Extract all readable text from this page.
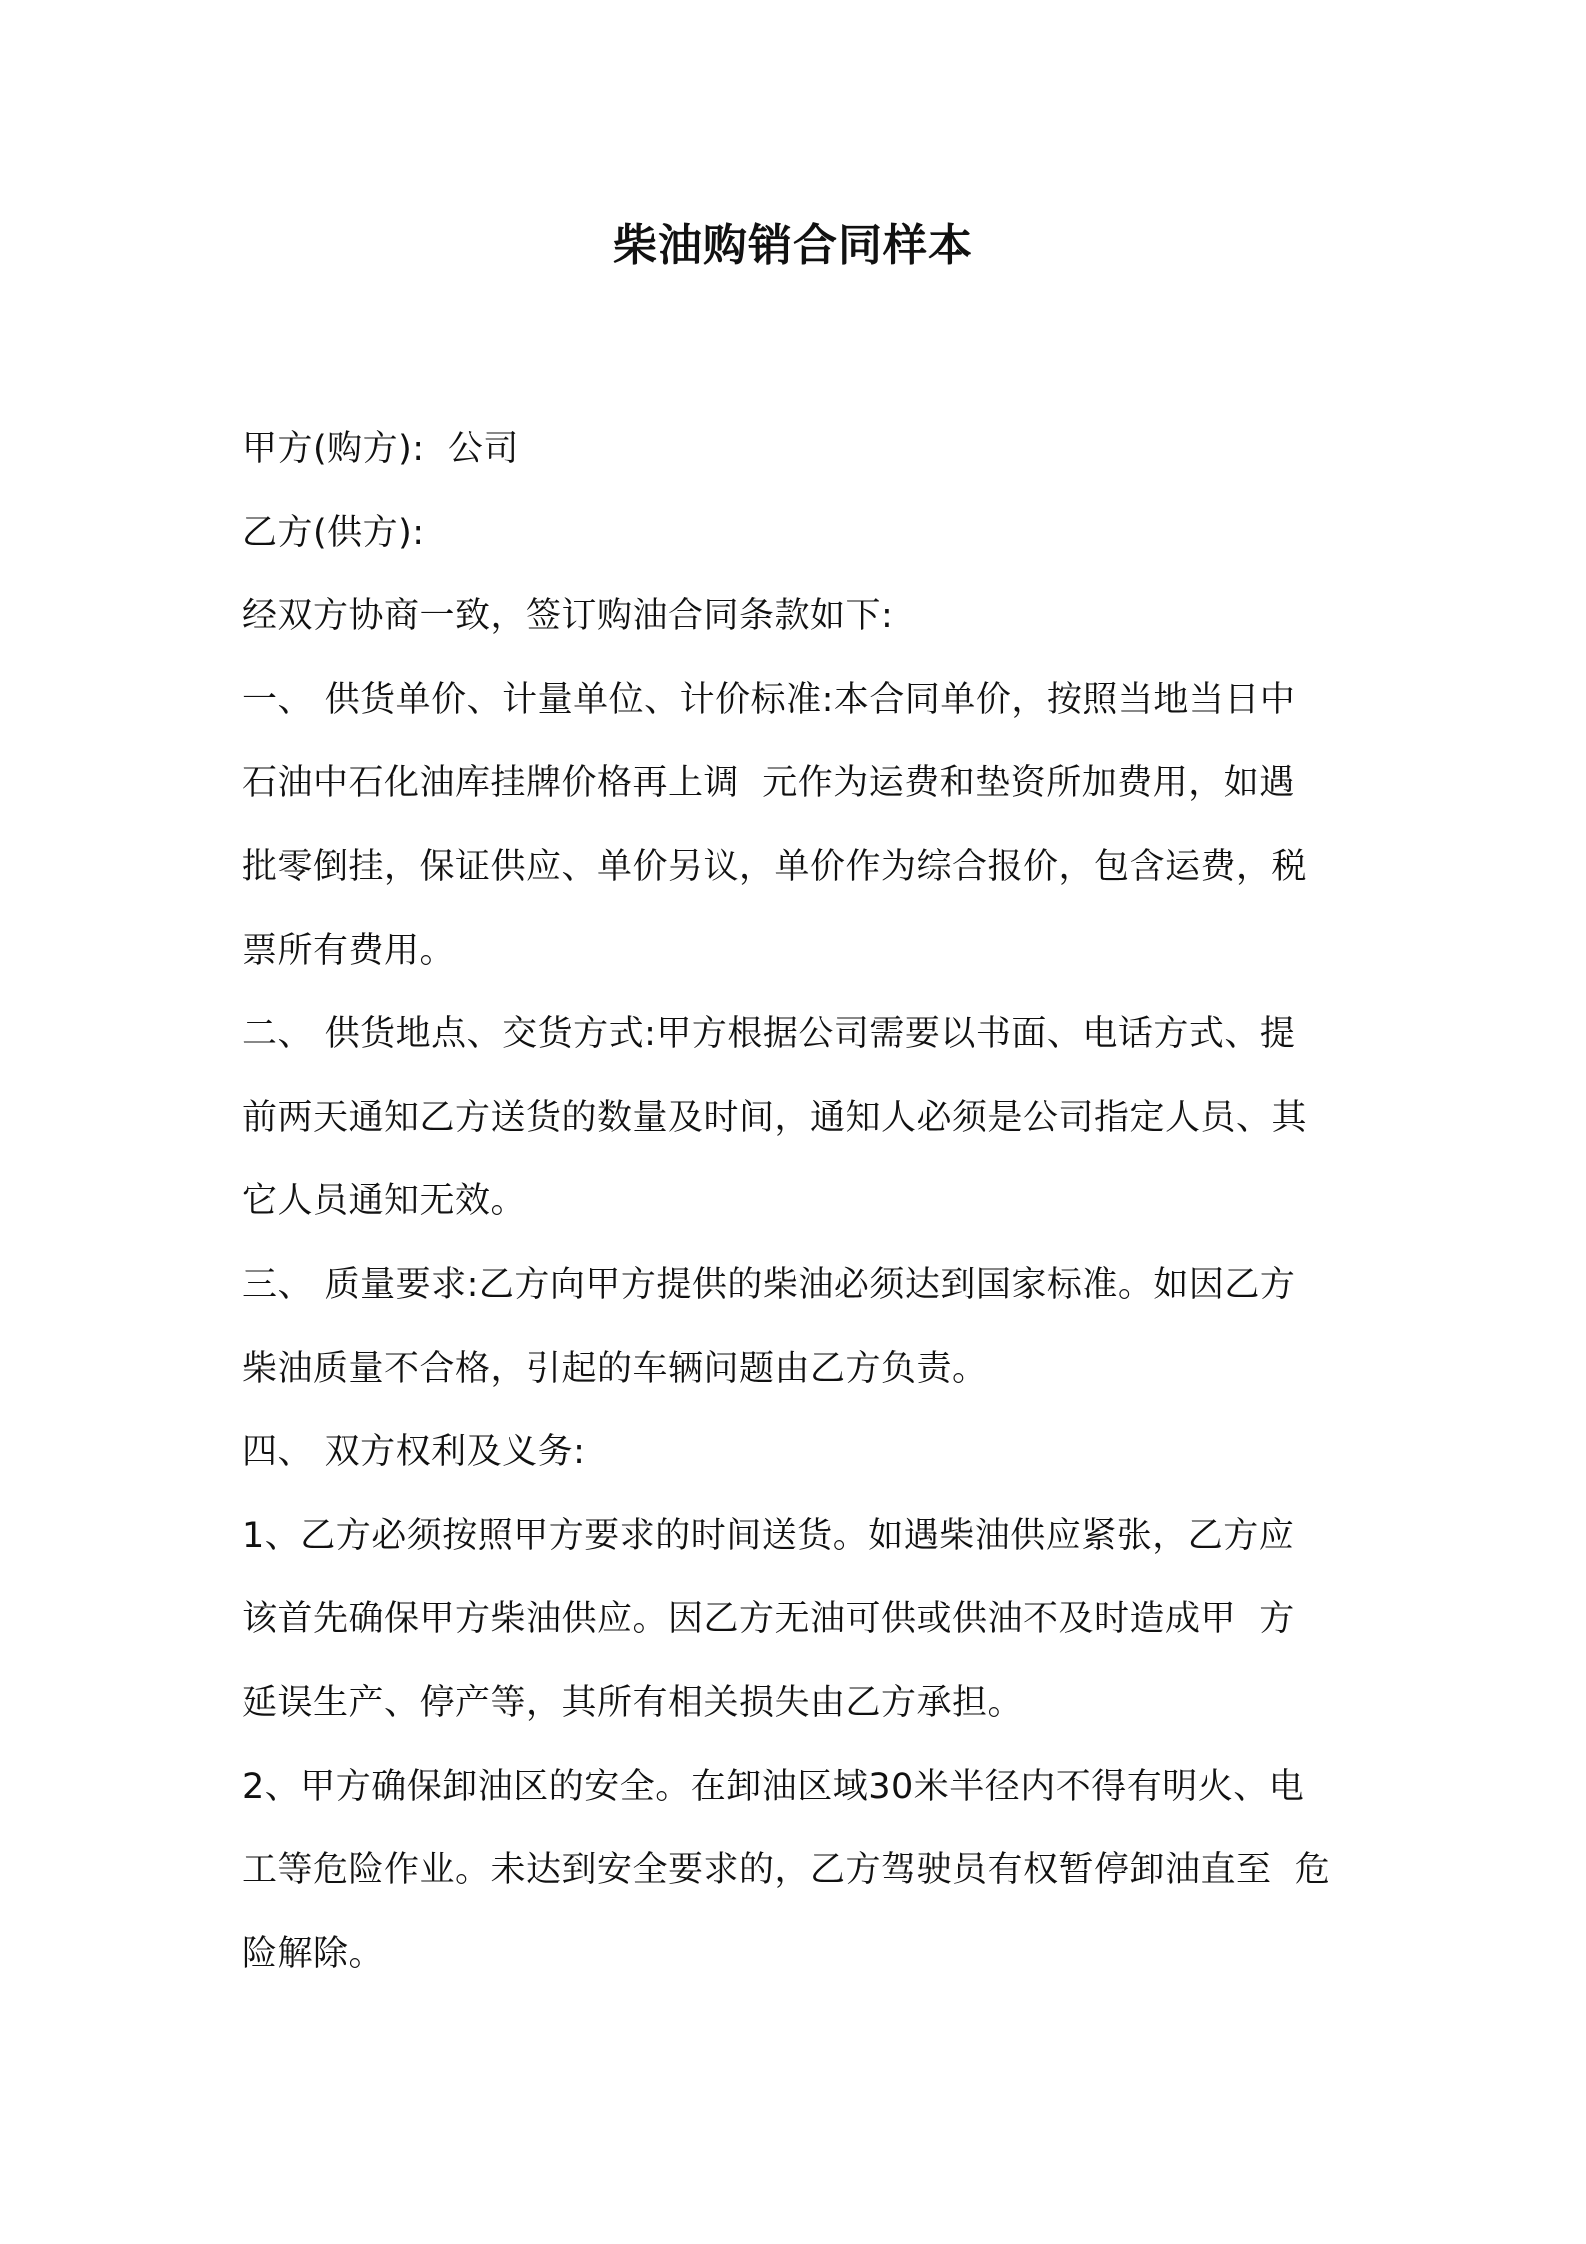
柴油购销合同样本
甲方(购方):  公司
乙方(供方):
经双方协商一致，签订购油合同条款如下:
一、 供货单价、计量单位、计价标准:本合同单价，按照当地当日中
石油中石化油库挂牌价格再上调  元作为运费和垫资所加费用，如遇
批零倒挂，保证供应、单价另议，单价作为综合报价，包含运费，税
票所有费用。
二、 供货地点、交货方式:甲方根据公司需要以书面、电话方式、提
前两天通知乙方送货的数量及时间，通知人必须是公司指定人员、其
它人员通知无效。
三、 质量要求:乙方向甲方提供的柴油必须达到国家标准。如因乙方
柴油质量不合格，引起的车辆问题由乙方负责。
四、 双方权利及义务:
1、乙方必须按照甲方要求的时间送货。如遇柴油供应紧张，乙方应
该首先确保甲方柴油供应。因乙方无油可供或供油不及时造成甲  方
延误生产、停产等，其所有相关损失由乙方承担。
2、甲方确保卸油区的安全。在卸油区域30米半径内不得有明火、电
工等危险作业。未达到安全要求的，乙方驾驶员有权暂停卸油直至  危
险解除。
